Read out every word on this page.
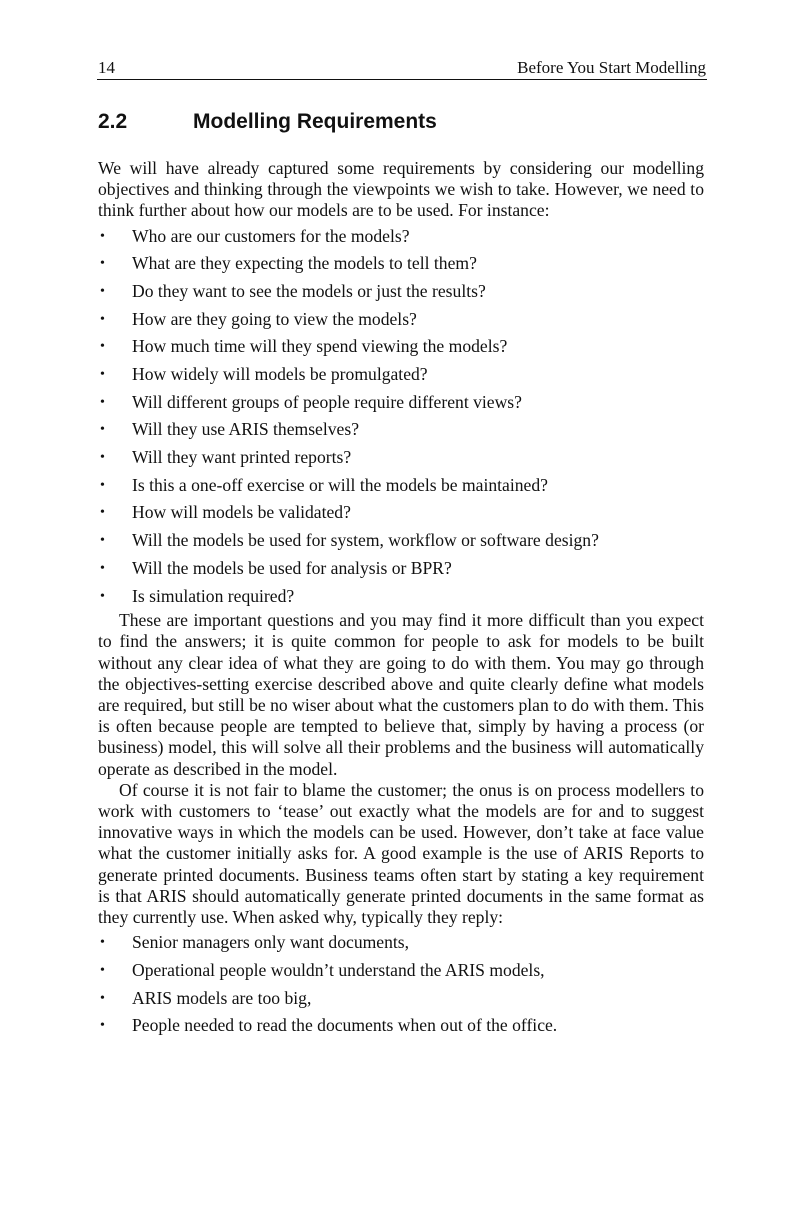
14	Before You Start Modelling
2.2	Modelling Requirements

We will have already captured some requirements by considering our modelling objectives and thinking through the viewpoints we wish to take. However, we need to think further about how our models are to be used. For instance:

• Who are our customers for the models?
• What are they expecting the models to tell them?
• Do they want to see the models or just the results?
• How are they going to view the models?
• How much time will they spend viewing the models?
• How widely will models be promulgated?
• Will different groups of people require different views?
• Will they use ARIS themselves?
• Will they want printed reports?
• Is this a one-off exercise or will the models be maintained?
• How will models be validated?
• Will the models be used for system, workflow or software design?
• Will the models be used for analysis or BPR?
• Is simulation required?

These are important questions and you may find it more difficult than you expect to find the answers; it is quite common for people to ask for models to be built without any clear idea of what they are going to do with them. You may go through the objectives-setting exercise described above and quite clearly define what models are required, but still be no wiser about what the customers plan to do with them. This is often because people are tempted to believe that, simply by having a process (or business) model, this will solve all their problems and the business will automatically operate as described in the model.

Of course it is not fair to blame the customer; the onus is on process modellers to work with customers to ‘tease’ out exactly what the models are for and to suggest innovative ways in which the models can be used. However, don’t take at face value what the customer initially asks for. A good example is the use of ARIS Reports to generate printed documents. Business teams often start by stating a key requirement is that ARIS should automatically generate printed documents in the same format as they currently use. When asked why, typically they reply:

• Senior managers only want documents,
• Operational people wouldn’t understand the ARIS models,
• ARIS models are too big,
• People needed to read the documents when out of the office.
